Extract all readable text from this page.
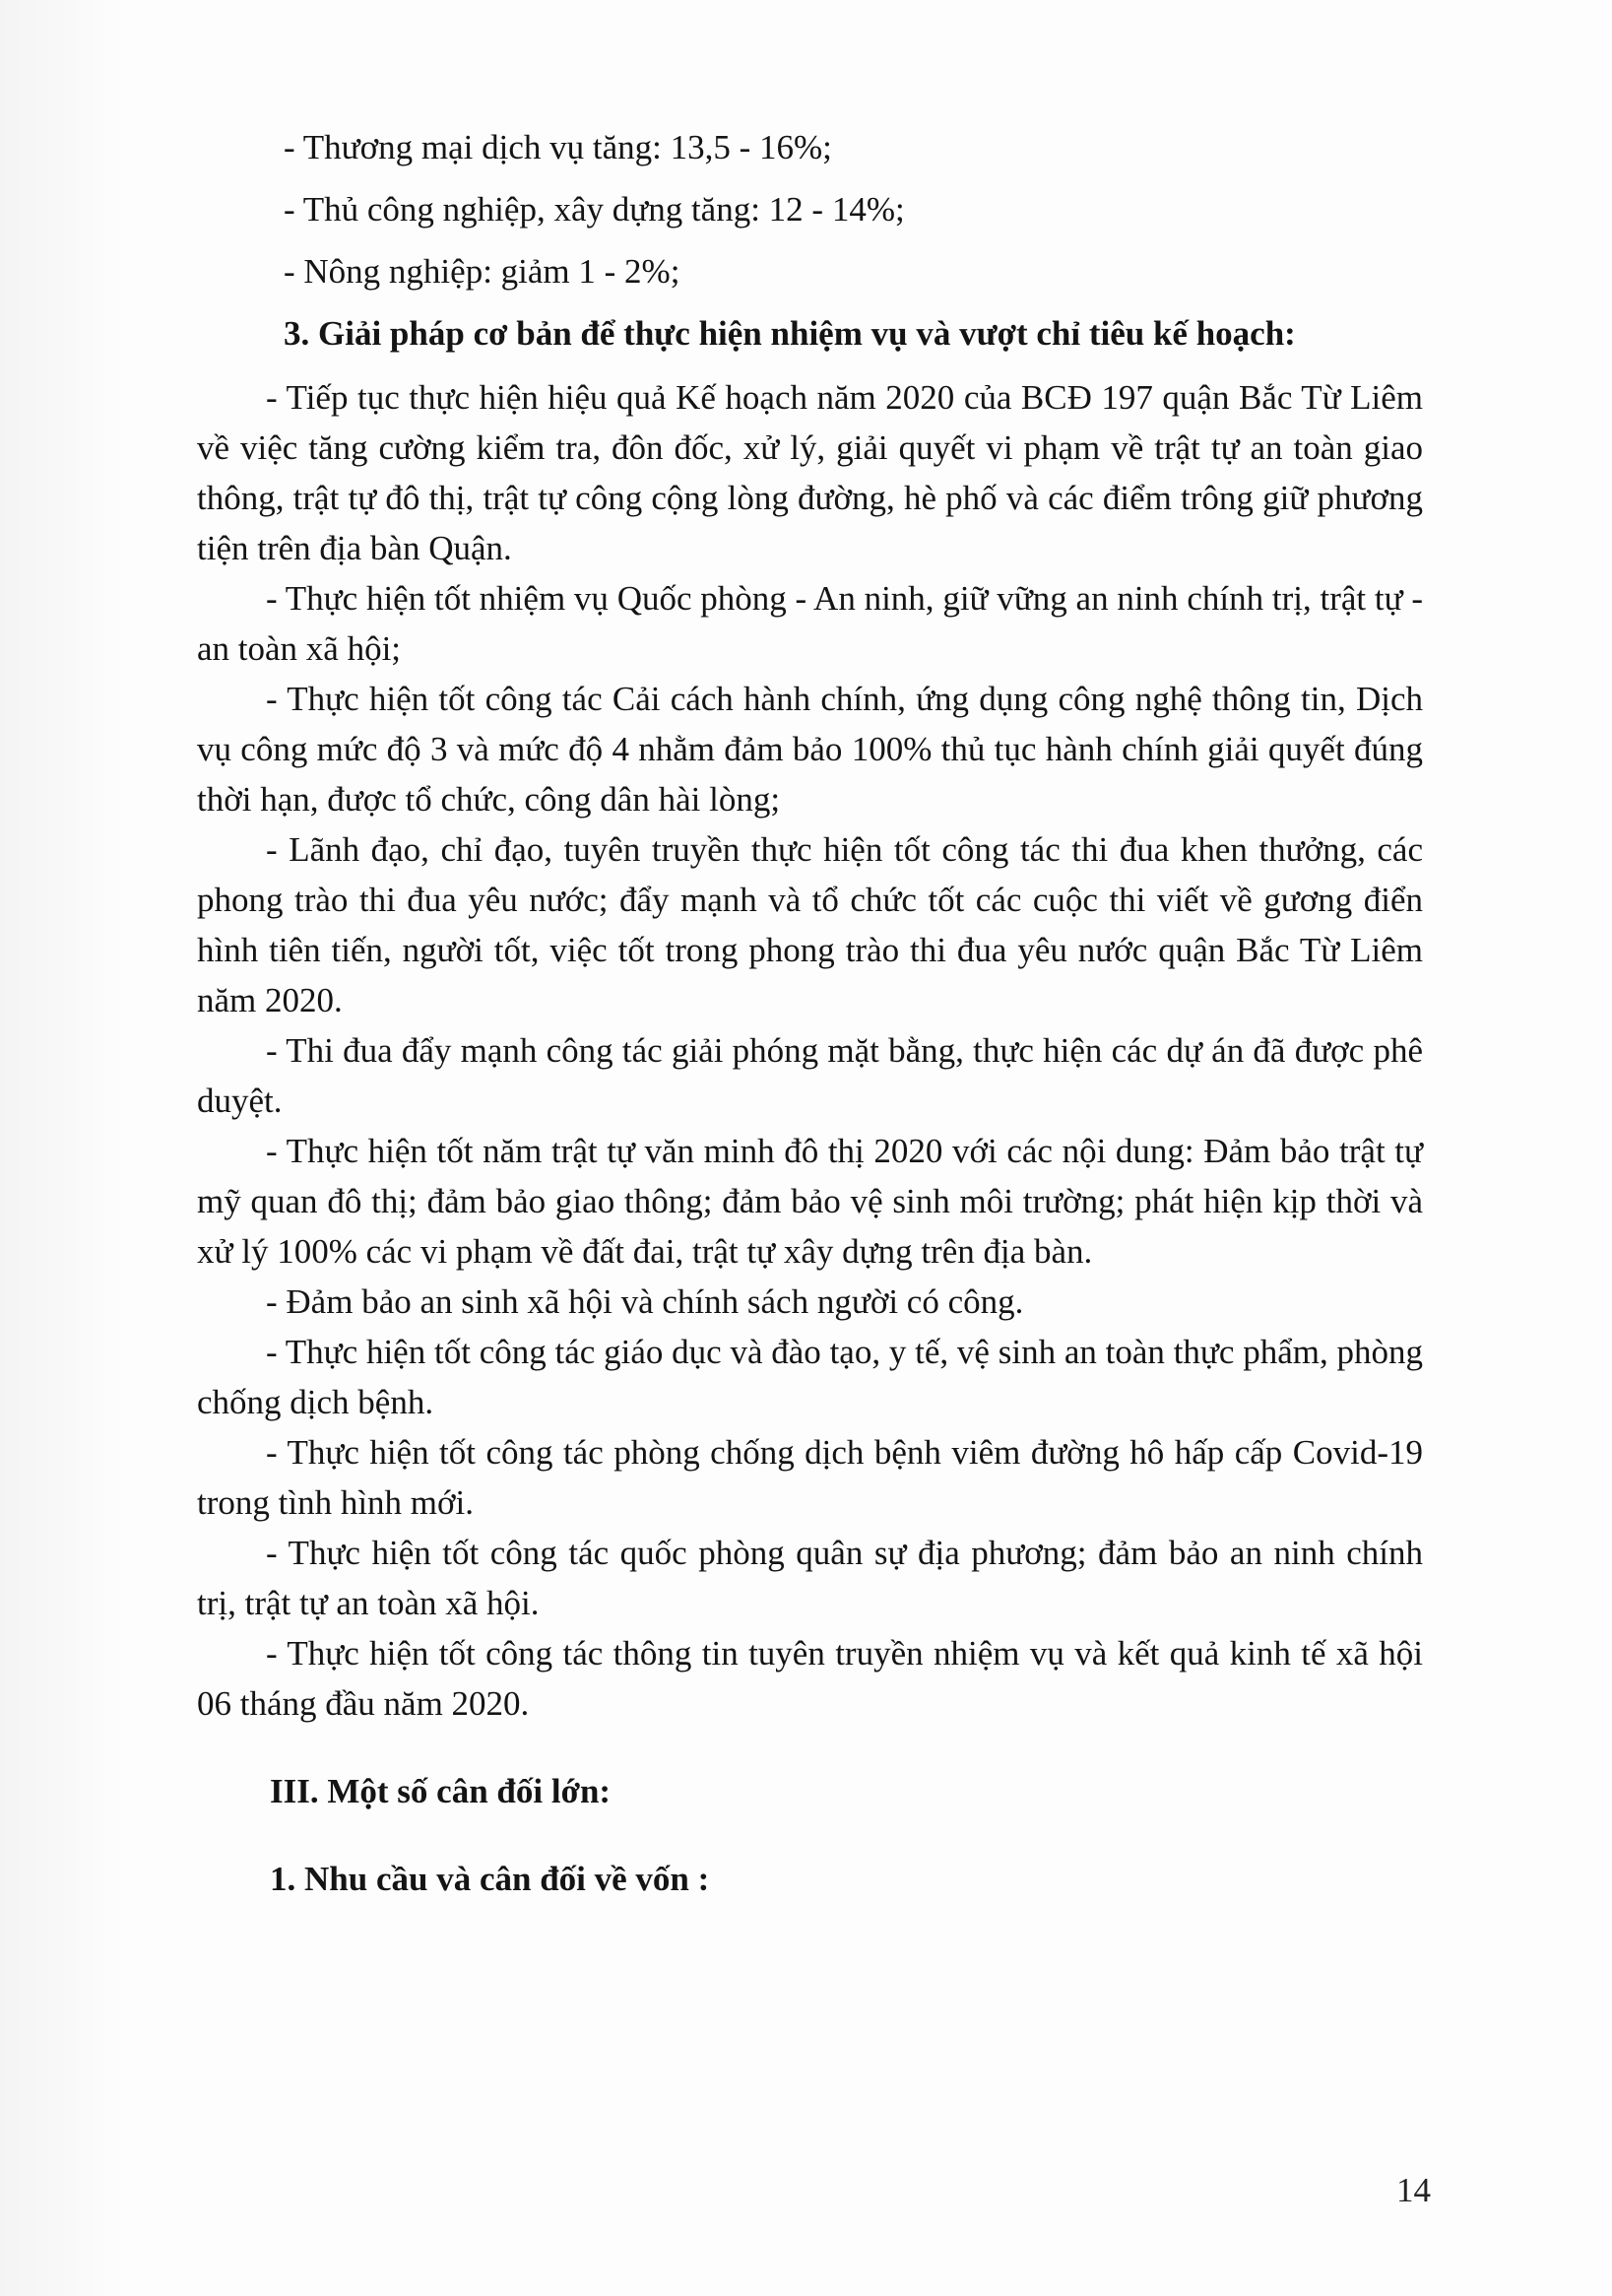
- Thương mại dịch vụ tăng: 13,5 - 16%;

- Thủ công nghiệp, xây dựng tăng: 12 - 14%;

- Nông nghiệp: giảm 1 - 2%;

3. Giải pháp cơ bản để thực hiện nhiệm vụ và vượt chỉ tiêu kế hoạch:

- Tiếp tục thực hiện hiệu quả Kế hoạch năm 2020 của BCĐ 197 quận Bắc Từ Liêm về việc tăng cường kiểm tra, đôn đốc, xử lý, giải quyết vi phạm về trật tự an toàn giao thông, trật tự đô thị, trật tự công cộng lòng đường, hè phố và các điểm trông giữ phương tiện trên địa bàn Quận.

- Thực hiện tốt nhiệm vụ Quốc phòng - An ninh, giữ vững an ninh chính trị, trật tự - an toàn xã hội;

- Thực hiện tốt công tác Cải cách hành chính, ứng dụng công nghệ thông tin, Dịch vụ công mức độ 3 và mức độ 4 nhằm đảm bảo 100% thủ tục hành chính giải quyết đúng thời hạn, được tổ chức, công dân hài lòng;

- Lãnh đạo, chỉ đạo, tuyên truyền thực hiện tốt công tác thi đua khen thưởng, các phong trào thi đua yêu nước; đẩy mạnh và tổ chức tốt các cuộc thi viết về gương điển hình tiên tiến, người tốt, việc tốt trong phong trào thi đua yêu nước quận Bắc Từ Liêm năm 2020.

- Thi đua đẩy mạnh công tác giải phóng mặt bằng, thực hiện các dự án đã được phê duyệt.

- Thực hiện tốt năm trật tự văn minh đô thị 2020 với các nội dung: Đảm bảo trật tự mỹ quan đô thị; đảm bảo giao thông; đảm bảo vệ sinh môi trường; phát hiện kịp thời và xử lý 100% các vi phạm về đất đai, trật tự xây dựng trên địa bàn.

- Đảm bảo an sinh xã hội và chính sách người có công.

- Thực hiện tốt công tác giáo dục và đào tạo, y tế, vệ sinh an toàn thực phẩm, phòng chống dịch bệnh.

- Thực hiện tốt công tác phòng chống dịch bệnh viêm đường hô hấp cấp Covid-19 trong tình hình mới.

- Thực hiện tốt công tác quốc phòng quân sự địa phương; đảm bảo an ninh chính trị, trật tự an toàn xã hội.

- Thực hiện tốt công tác thông tin tuyên truyền nhiệm vụ và kết quả kinh tế xã hội 06 tháng đầu năm 2020.

III. Một số cân đối lớn:

1. Nhu cầu và cân đối về vốn :

14
